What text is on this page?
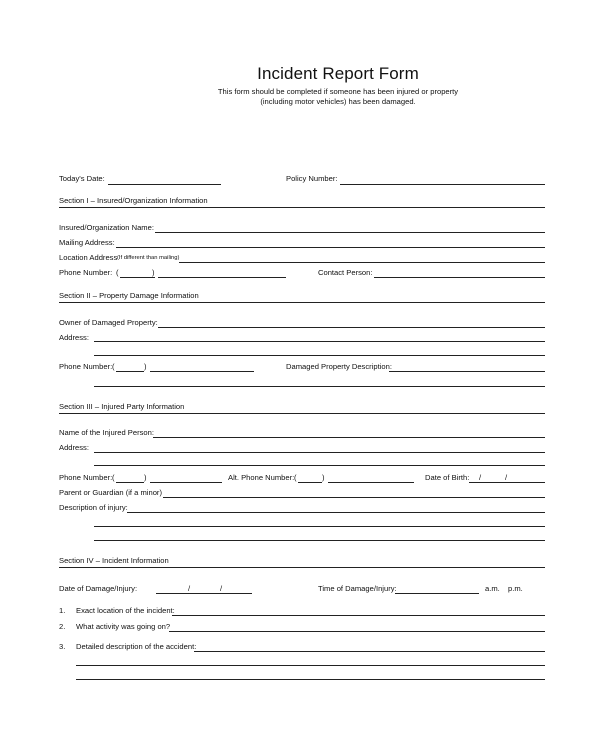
Incident Report Form
This form should be completed if someone has been injured or property
(including motor vehicles) has been damaged.
Today's Date:	Policy Number:
Section I – Insured/Organization Information
Insured/Organization Name:
Mailing Address:
Location Address (If different than mailing)
Phone Number: (	)	Contact Person:
Section II – Property Damage Information
Owner of Damaged Property:
Address:
Phone Number: (	)	Damaged Property Description:
Section III – Injured Party Information
Name of the Injured Person:
Address:
Phone Number: (	)	Alt. Phone Number: (	)	Date of Birth: /	/
Parent or Guardian (if a minor)
Description of injury:
Section IV – Incident Information
Date of Damage/Injury:	/	/	Time of Damage/Injury:	a.m. p.m.
1. Exact location of the incident:
2. What activity was going on?
3. Detailed description of the accident:
